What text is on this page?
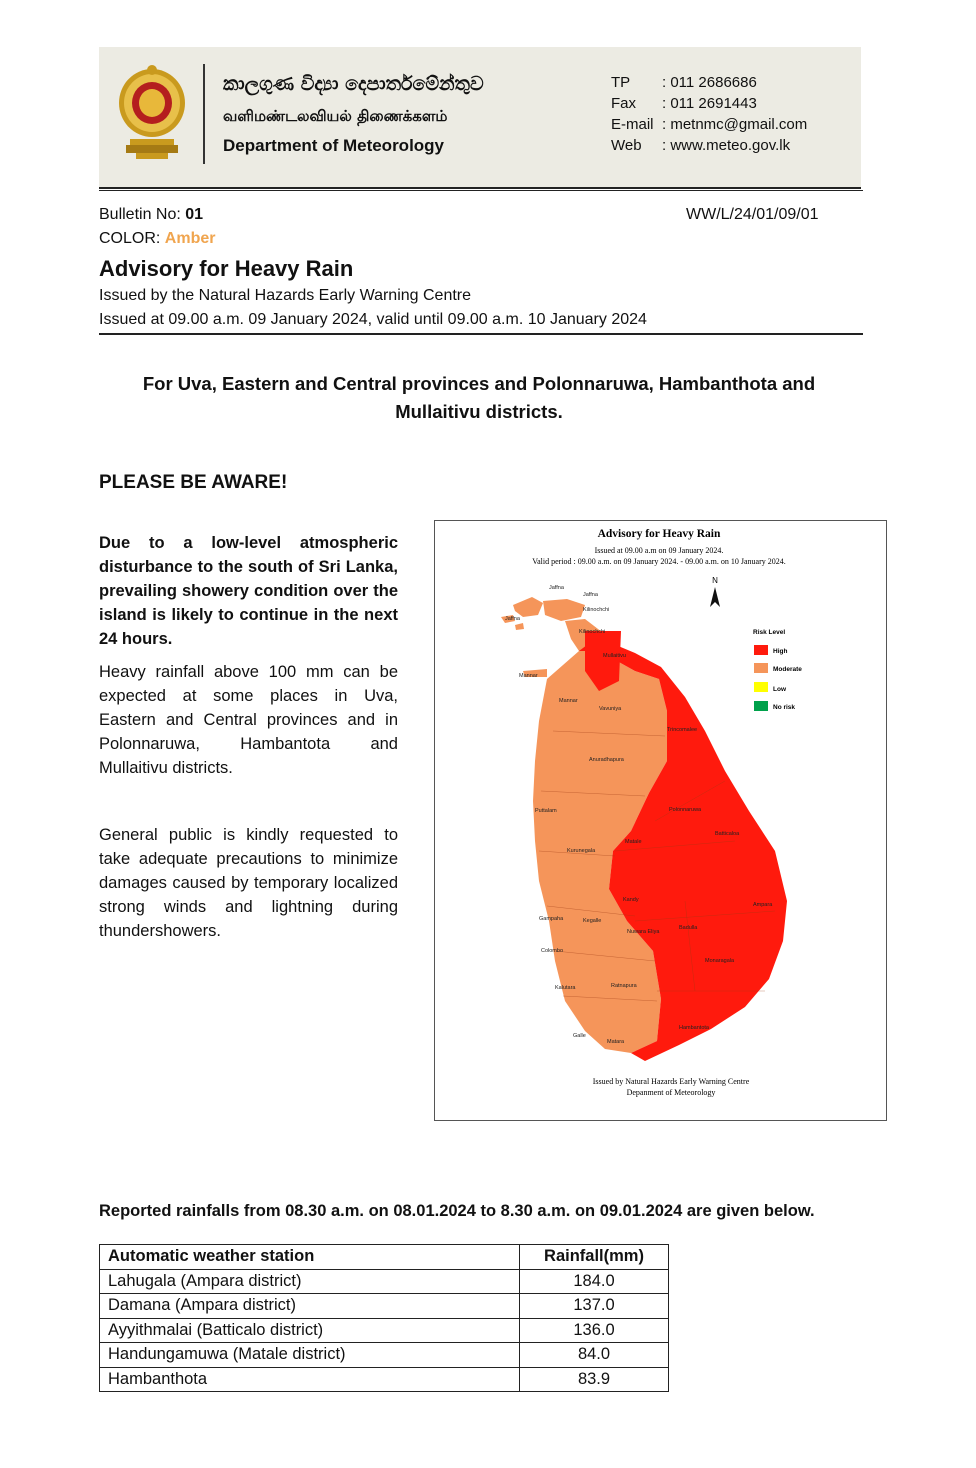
කාලගුණ විද්‍යා දෙපාර්තමේන්තුව
வளிமண்டலவியல் திணைக்களம்
Department of Meteorology
TP : 011 2686686
Fax : 011 2691443
E-mail : metnmc@gmail.com
Web : www.meteo.gov.lk
Bulletin No: 01
COLOR: Amber
WW/L/24/01/09/01
Advisory for Heavy Rain
Issued by the Natural Hazards Early Warning Centre
Issued at 09.00 a.m. 09 January 2024, valid until 09.00 a.m. 10 January 2024
For Uva, Eastern and Central provinces and Polonnaruwa, Hambanthota and
Mullaitivu districts.
PLEASE BE AWARE!
Due to a low-level atmospheric disturbance to the south of Sri Lanka, prevailing showery condition over the island is likely to continue in the next 24 hours.
Heavy rainfall above 100 mm can be expected at some places in Uva, Eastern and Central provinces and in Polonnaruwa, Hambantota and Mullaitivu districts.
General public is kindly requested to take adequate precautions to minimize damages caused by temporary localized strong winds and lightning during thundershowers.
Advisory for Heavy Rain
Issued at 09.00 a.m on 09 January 2024.
Valid period : 09.00 a.m. on 09 January 2024. - 09.00 a.m. on 10 January 2024.
N
Jaffna
Jaffna
Jaffna
Kilinochchi
Kilinochchi
Mullaitivu
Mannar
Mannar
Vavuniya
Trincomalee
Anuradhapura
Polonnaruwa
Batticaloa
Puttalam
Matale
Kurunegala
Kandy
Ampara
Gampaha	Kegalle
Nuwara Eliya
Badulla
Colombo
Monaragala
Kalutara	Ratnapura
Hambantota
Galle
Matara
Risk Level
High
Moderate
Low
No risk
Issued by Natural Hazards Early Warning Centre
Depanment of Meteorology
Reported rainfalls from 08.30 a.m. on 08.01.2024 to 8.30 a.m. on 09.01.2024 are given below.
Automatic weather station	Rainfall(mm)
Lahugala (Ampara district)	184.0
Damana (Ampara district)	137.0
Ayyithmalai (Batticalo district)	136.0
Handungamuwa (Matale district)	84.0
Hambanthota	83.9
